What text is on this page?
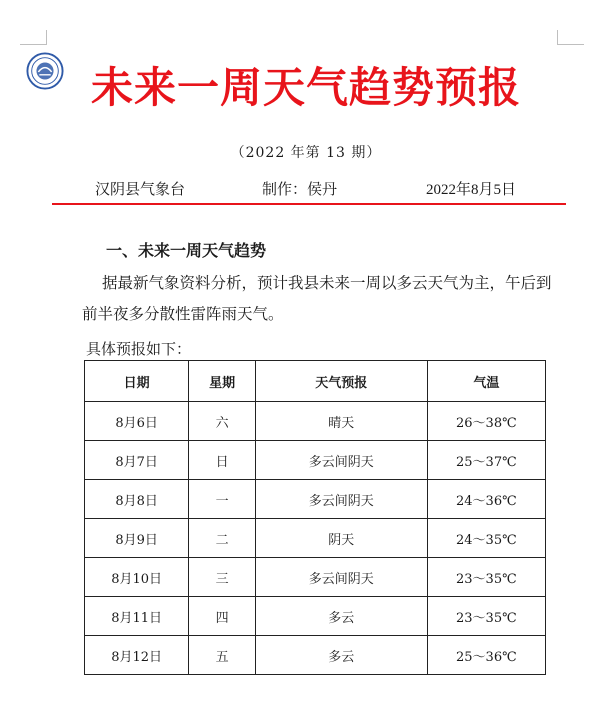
未来一周天气趋势预报
（2022 年第 13 期）
汉阴县气象台	制作：侯丹	2022年8月5日
一、未来一周天气趋势
据最新气象资料分析，预计我县未来一周以多云天气为主，午后到前半夜多分散性雷阵雨天气。
具体预报如下：
日期	星期	天气预报	气温
8月6日	六	晴天	26～38℃
8月7日	日	多云间阴天	25～37℃
8月8日	一	多云间阴天	24～36℃
8月9日	二	阴天	24～35℃
8月10日	三	多云间阴天	23～35℃
8月11日	四	多云	23～35℃
8月12日	五	多云	25～36℃
